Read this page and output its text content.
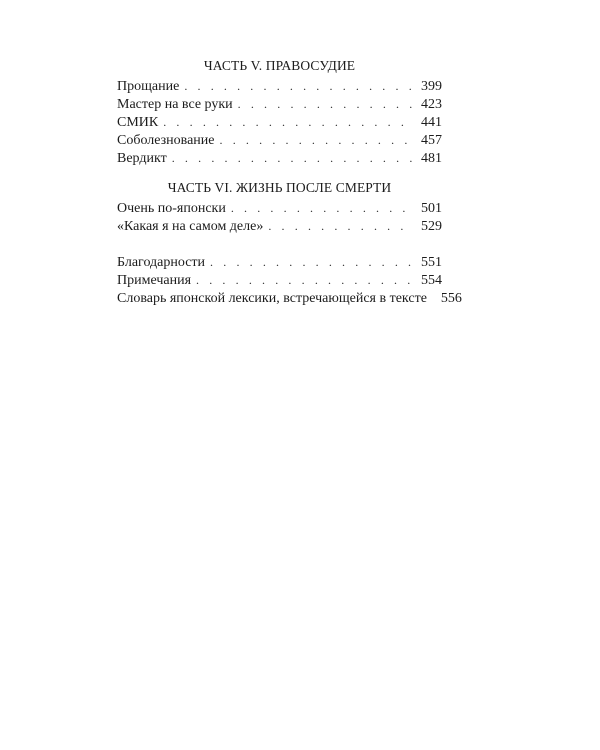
ЧАСТЬ V. ПРАВОСУДИЕ
Прощание . . .	399
Мастер на все руки . . .	423
СМИК . . .	441
Соболезнование . . .	457
Вердикт . . .	481
ЧАСТЬ VI. ЖИЗНЬ ПОСЛЕ СМЕРТИ
Очень по-японски . . .	501
«Какая я на самом деле» . . .	529
Благодарности . . .	551
Примечания . . .	554
Словарь японской лексики, встречающейся в тексте	556
